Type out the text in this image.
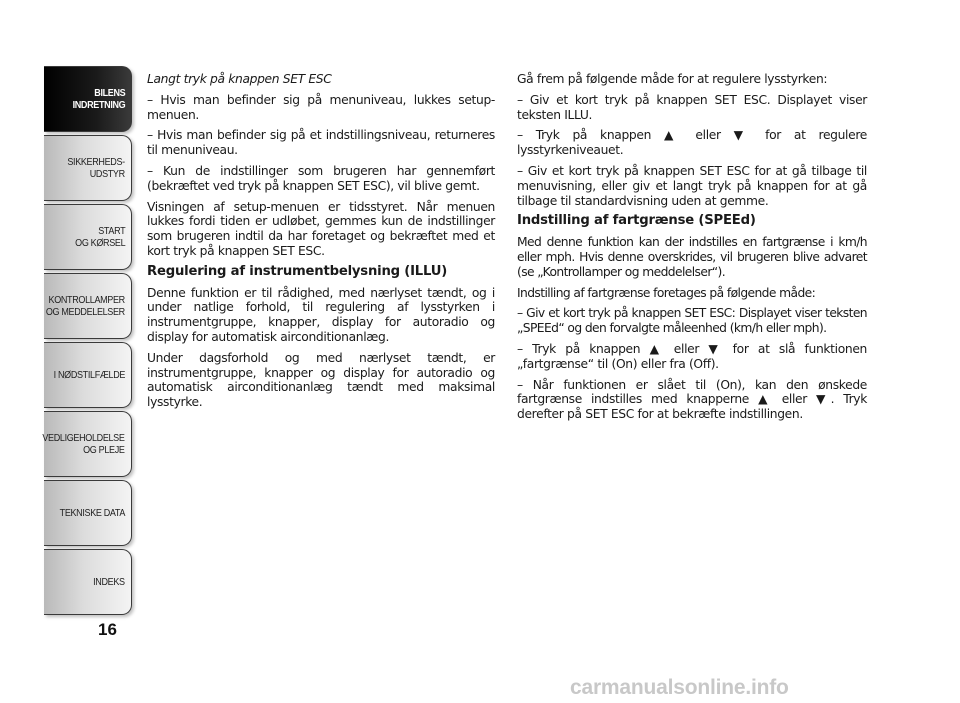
BILENS
INDRETNING
SIKKERHEDS-
UDSTYR
START
OG KØRSEL
KONTROLLAMPER
OG MEDDELELSER
I NØDSTILFÆLDE
VEDLIGEHOLDELSE
OG PLEJE
TEKNISKE DATA
INDEKS
16

Langt tryk på knappen SET ESC

– Hvis man befinder sig på menuniveau, lukkes setup-menuen.

– Hvis man befinder sig på et indstillingsniveau, returneres til menuniveau.

– Kun de indstillinger som brugeren har gennemført (bekræftet ved tryk på knappen SET ESC), vil blive gemt.

Visningen af setup-menuen er tidsstyret. Når menuen lukkes fordi tiden er udløbet, gemmes kun de indstillinger som brugeren indtil da har foretaget og bekræftet med et kort tryk på knappen SET ESC.

Regulering af instrumentbelysning (ILLU)

Denne funktion er til rådighed, med nærlyset tændt, og i under natlige forhold, til regulering af lysstyrken i instrumentgruppe, knapper, display for autoradio og display for automatisk airconditionanlæg.

Under dagsforhold og med nærlyset tændt, er instrumentgruppe, knapper og display for autoradio og automatisk airconditionanlæg tændt med maksimal lysstyrke.

Gå frem på følgende måde for at regulere lysstyrken:

– Giv et kort tryk på knappen SET ESC. Displayet viser teksten ILLU.

– Tryk på knappen ▲ eller ▼ for at regulere lysstyrkeniveauet.

– Giv et kort tryk på knappen SET ESC for at gå tilbage til menuvisning, eller giv et langt tryk på knappen for at gå tilbage til standardvisning uden at gemme.

Indstilling af fartgrænse (SPEEd)

Med denne funktion kan der indstilles en fartgrænse i km/h eller mph. Hvis denne overskrides, vil brugeren blive advaret (se „Kontrollamper og meddelelser“).

Indstilling af fartgrænse foretages på følgende måde:

– Giv et kort tryk på knappen SET ESC: Displayet viser teksten „SPEEd“ og den forvalgte måleenhed (km/h eller mph).

– Tryk på knappen ▲ eller ▼ for at slå funktionen „fartgrænse“ til (On) eller fra (Off).

– Når funktionen er slået til (On), kan den ønskede fartgrænse indstilles med knapperne ▲ eller ▼. Tryk derefter på SET ESC for at bekræfte indstillingen.

carmanualsonline.info
